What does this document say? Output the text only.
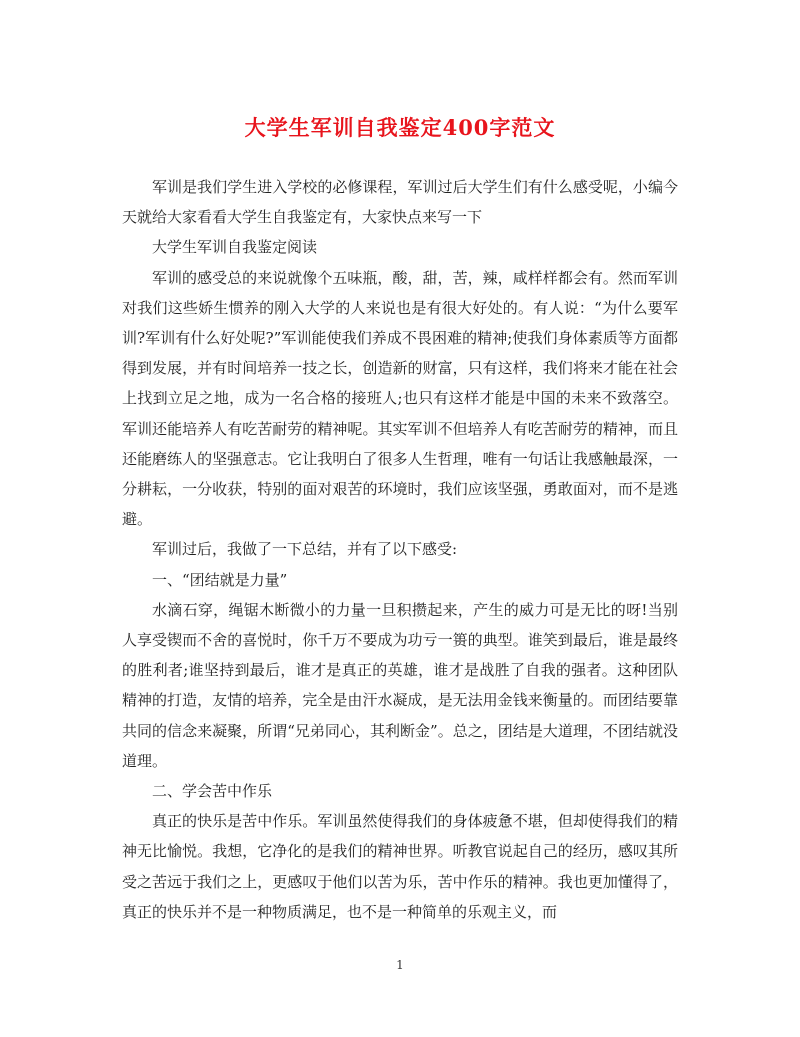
大学生军训自我鉴定400字范文

军训是我们学生进入学校的必修课程，军训过后大学生们有什么感受呢，小编今天就给大家看看大学生自我鉴定有，大家快点来写一下

大学生军训自我鉴定阅读

军训的感受总的来说就像个五味瓶，酸，甜，苦，辣，咸样样都会有。然而军训对我们这些娇生惯养的刚入大学的人来说也是有很大好处的。有人说：“为什么要军训?军训有什么好处呢?”军训能使我们养成不畏困难的精神;使我们身体素质等方面都得到发展，并有时间培养一技之长，创造新的财富，只有这样，我们将来才能在社会上找到立足之地，成为一名合格的接班人;也只有这样才能是中国的未来不致落空。军训还能培养人有吃苦耐劳的精神呢。其实军训不但培养人有吃苦耐劳的精神，而且还能磨练人的坚强意志。它让我明白了很多人生哲理，唯有一句话让我感触最深，一分耕耘，一分收获，特别的面对艰苦的环境时，我们应该坚强，勇敢面对，而不是逃避。

军训过后，我做了一下总结，并有了以下感受:

一、“团结就是力量”

水滴石穿，绳锯木断微小的力量一旦积攒起来，产生的威力可是无比的呀!当别人享受锲而不舍的喜悦时，你千万不要成为功亏一篑的典型。谁笑到最后，谁是最终的胜利者;谁坚持到最后，谁才是真正的英雄，谁才是战胜了自我的强者。这种团队精神的打造，友情的培养，完全是由汗水凝成，是无法用金钱来衡量的。而团结要靠共同的信念来凝聚，所谓“兄弟同心，其利断金”。总之，团结是大道理，不团结就没道理。

二、学会苦中作乐

真正的快乐是苦中作乐。军训虽然使得我们的身体疲惫不堪，但却使得我们的精神无比愉悦。我想，它净化的是我们的精神世界。听教官说起自己的经历，感叹其所受之苦远于我们之上，更感叹于他们以苦为乐，苦中作乐的精神。我也更加懂得了，真正的快乐并不是一种物质满足，也不是一种简单的乐观主义，而

1
